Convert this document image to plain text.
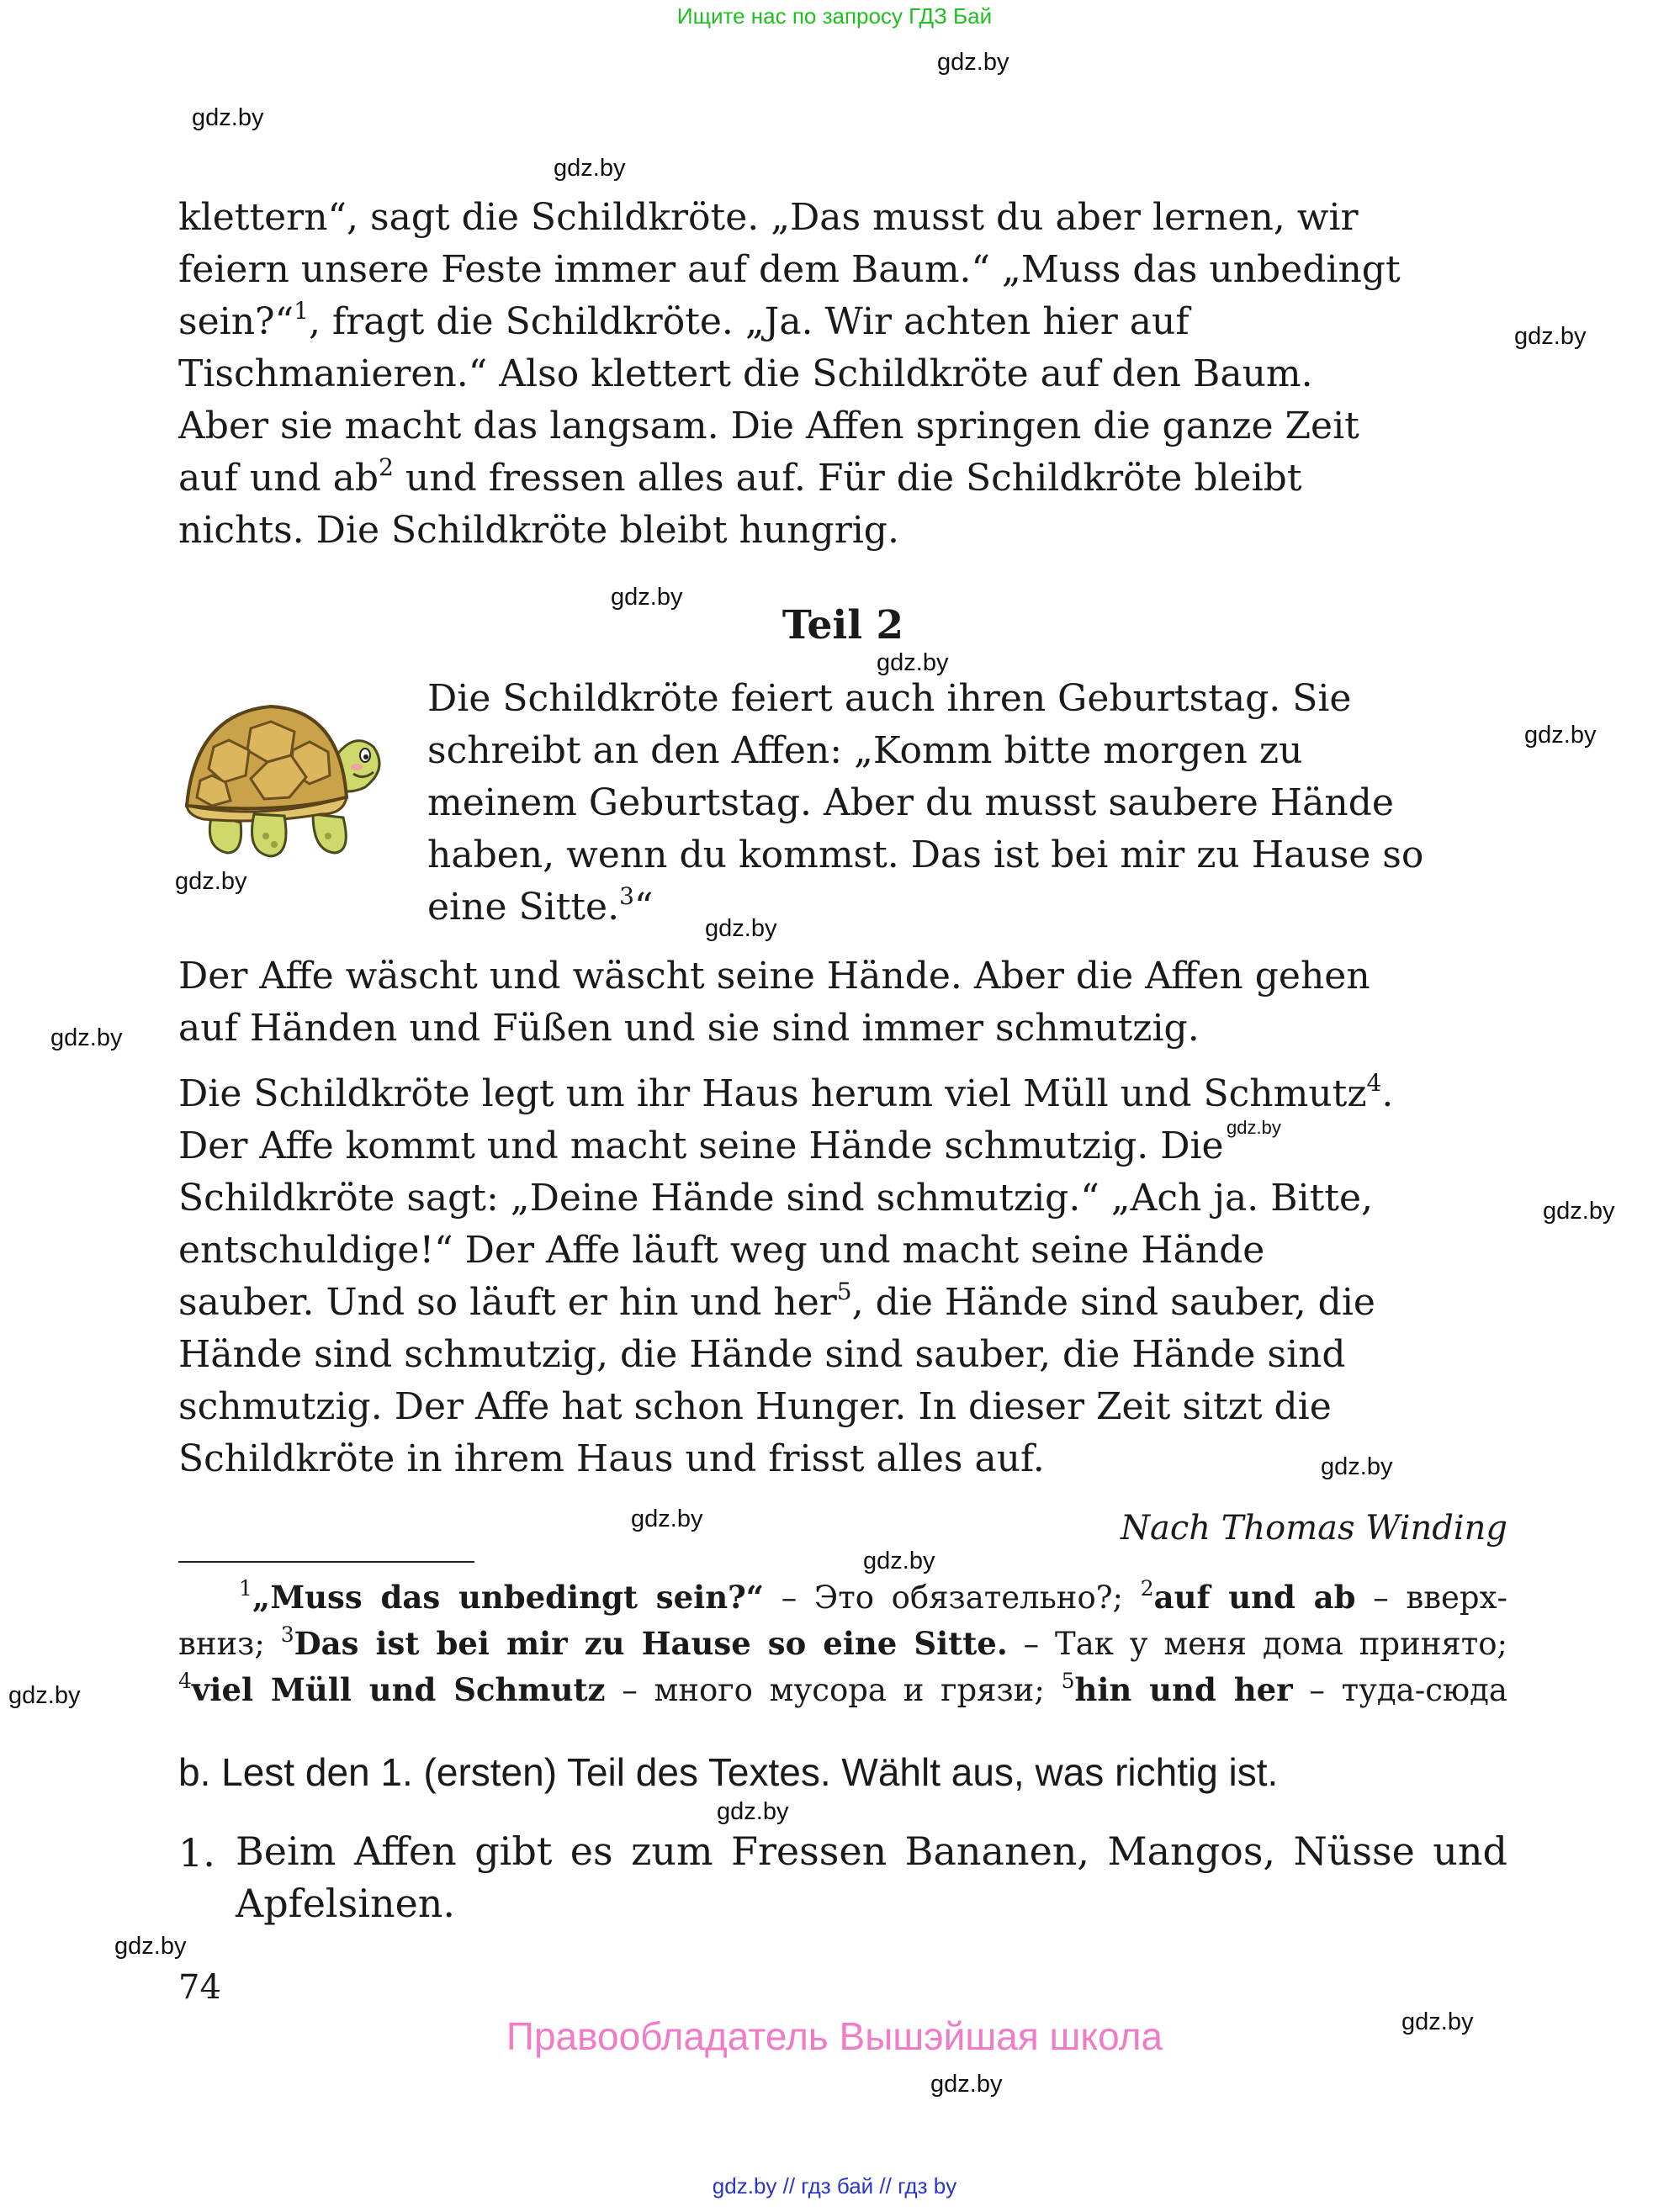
Ищите нас по запросу ГДЗ Бай
gdz.by
gdz.by
gdz.by
gdz.by
gdz.by
gdz.by
gdz.by
gdz.by
gdz.by
gdz.by
gdz.by
gdz.by
gdz.by
gdz.by
gdz.by
gdz.by
gdz.by
gdz.by
gdz.by
gdz.by
klettern“, sagt die Schildkröte. „Das musst du aber lernen, wir
feiern unsere Feste immer auf dem Baum.“ „Muss das unbedingt
sein?“$^1$, fragt die Schildkröte. „Ja. Wir achten hier auf
Tischmanieren.“ Also klettert die Schildkröte auf den Baum.
Aber sie macht das langsam. Die Affen springen die ganze Zeit
auf und $ab^2$ und fressen alles auf. Für die Schildkröte bleibt
nichts. Die Schildkröte bleibt hungrig.
Teil 2
Die Schildkröte feiert auch ihren Geburtstag. Sie
schreibt an den Affen: „Komm bitte morgen zu
meinem Geburtstag. Aber du musst saubere Hände
haben, wenn du kommst. Das ist bei mir zu Hause so
eine Sitte.$^3$“
Der Affe wäscht und wäscht seine Hände. Aber die Affen gehen
auf Händen und Füßen und sie sind immer schmutzig.
Die Schildkröte legt um ihr Haus herum viel Müll und Schmutz$^4$.
Der Affe kommt und macht seine Hände schmutzig. Die
Schildkröte sagt: „Deine Hände sind schmutzig.“ „Ach ja. Bitte,
entschuldige!“ Der Affe läuft weg und macht seine Hände
sauber. Und so läuft er hin und her$^5$, die Hände sind sauber, die
Hände sind schmutzig, die Hände sind sauber, die Hände sind
schmutzig. Der Affe hat schon Hunger. In dieser Zeit sitzt die
Schildkröte in ihrem Haus und frisst alles auf.
Nach Thomas Winding
$^1$„Muss das unbedingt sein?“ – Это обязательно?; $^2$auf und ab – вверх-
вниз; $^3$Das ist bei mir zu Hause so eine Sitte. – Так у меня дома принято;
$^4$viel Müll und Schmutz – много мусора и грязи; $^5$hin und her – туда-сюда
b. Lest den 1. (ersten) Teil des Textes. Wählt aus, was richtig ist.
1. Beim Affen gibt es zum Fressen Bananen, Mangos, Nüsse und Apfelsinen.
74
Правообладатель Вышэйшая школа
gdz.by // гдз бай // гдз by
